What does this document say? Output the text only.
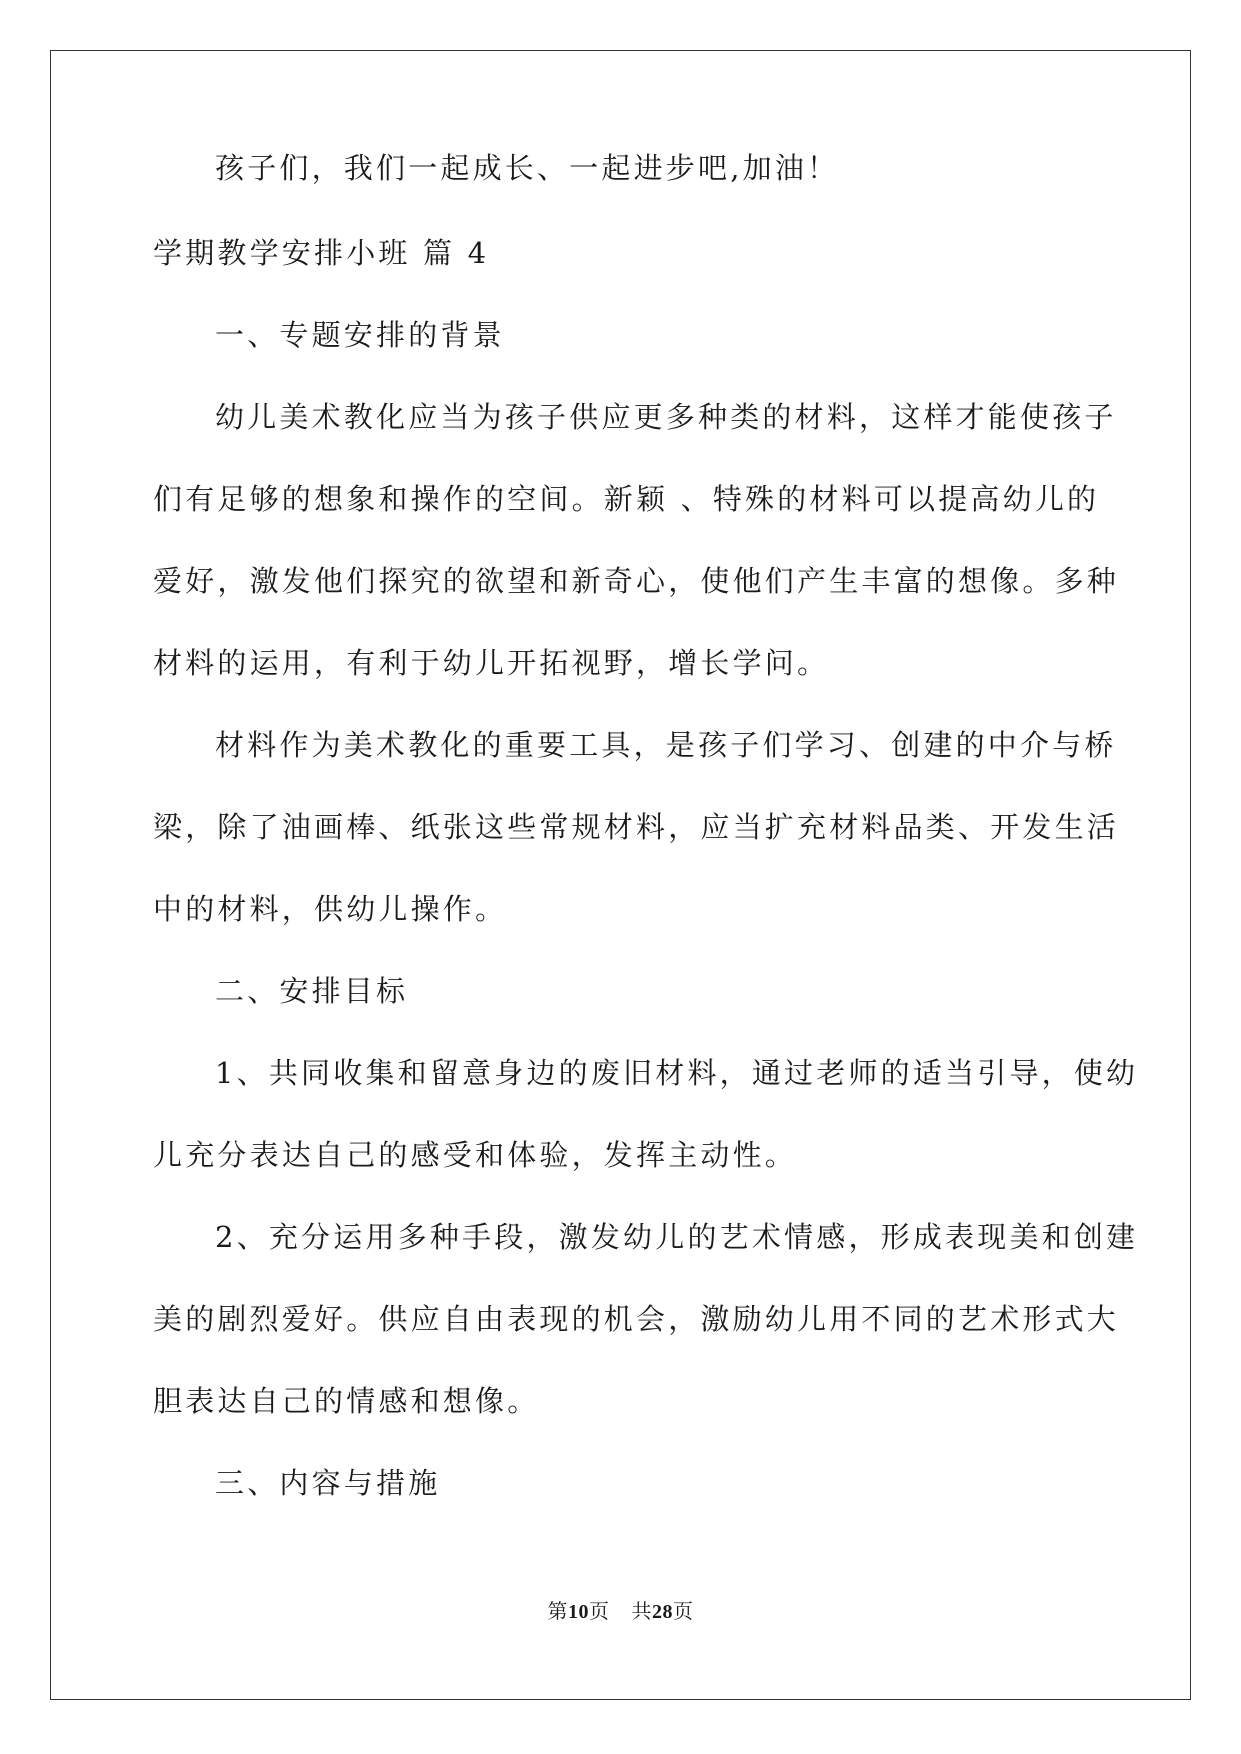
孩子们，我们一起成长、一起进步吧,加油！
学期教学安排小班 篇 4
一、专题安排的背景
幼儿美术教化应当为孩子供应更多种类的材料，这样才能使孩子
们有足够的想象和操作的空间。新颖 、特殊的材料可以提高幼儿的
爱好，激发他们探究的欲望和新奇心，使他们产生丰富的想像。多种
材料的运用，有利于幼儿开拓视野，增长学问。
材料作为美术教化的重要工具，是孩子们学习、创建的中介与桥
梁，除了油画棒、纸张这些常规材料，应当扩充材料品类、开发生活
中的材料，供幼儿操作。
二、安排目标
1、共同收集和留意身边的废旧材料，通过老师的适当引导，使幼
儿充分表达自己的感受和体验，发挥主动性。
2、充分运用多种手段，激发幼儿的艺术情感，形成表现美和创建
美的剧烈爱好。供应自由表现的机会，激励幼儿用不同的艺术形式大
胆表达自己的情感和想像。
三、内容与措施
第10页 共28页
